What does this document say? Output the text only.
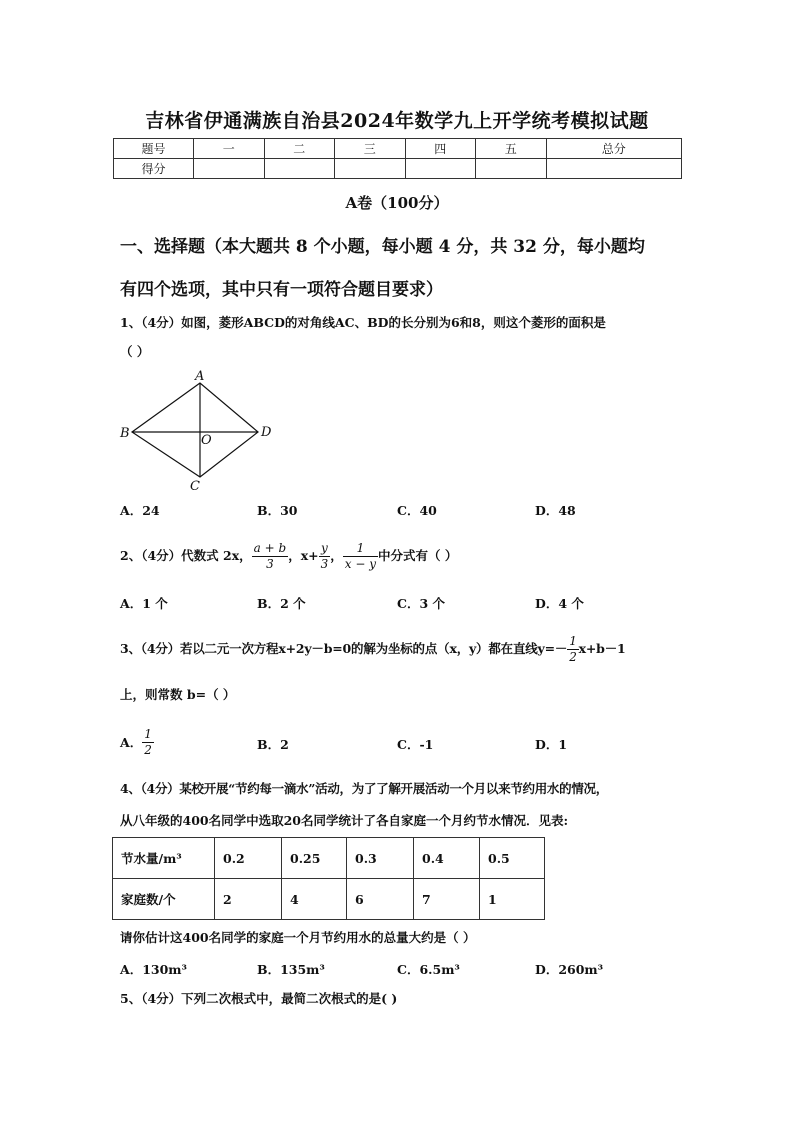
吉林省伊通满族自治县2024年数学九上开学统考模拟试题
题号	一	二	三	四	五	总分
得分						
A卷（100分）
一、选择题（本大题共 8 个小题，每小题 4 分，共 32 分，每小题均
有四个选项，其中只有一项符合题目要求）
1、（4分）如图，菱形ABCD的对角线AC、BD的长分别为6和8，则这个菱形的面积是
（ ）
A
B
C
D
O
A．24	B．30	C．40	D．48
2、（4分）代数式 2x， $\frac{a + b}{3}$ ，$x+ \frac{y}{3}$ ， $\frac{1}{x - y}$ 中分式有（ ）
A．1 个	B．2 个	C．3 个	D．4 个
3、（4分）若以二元一次方程x+2y－b=0的解为坐标的点（x，y）都在直线$y=- \frac{1}{2} x+b-1$
上，则常数 b=（ ）
A． $\frac{1}{2}$	B．2	C．-1	D．1
4、（4分）某校开展“节约每一滴水”活动，为了了解开展活动一个月以来节约用水的情况，
从八年级的400名同学中选取20名同学统计了各自家庭一个月约节水情况．见表:
节水量/m³	0.2	0.25	0.3	0.4	0.5
家庭数/个	2	4	6	7	1
请你估计这400名同学的家庭一个月节约用水的总量大约是（ ）
A．130m³	B．135m³	C．6.5m³	D．260m³
5、（4分）下列二次根式中，最简二次根式的是( )
